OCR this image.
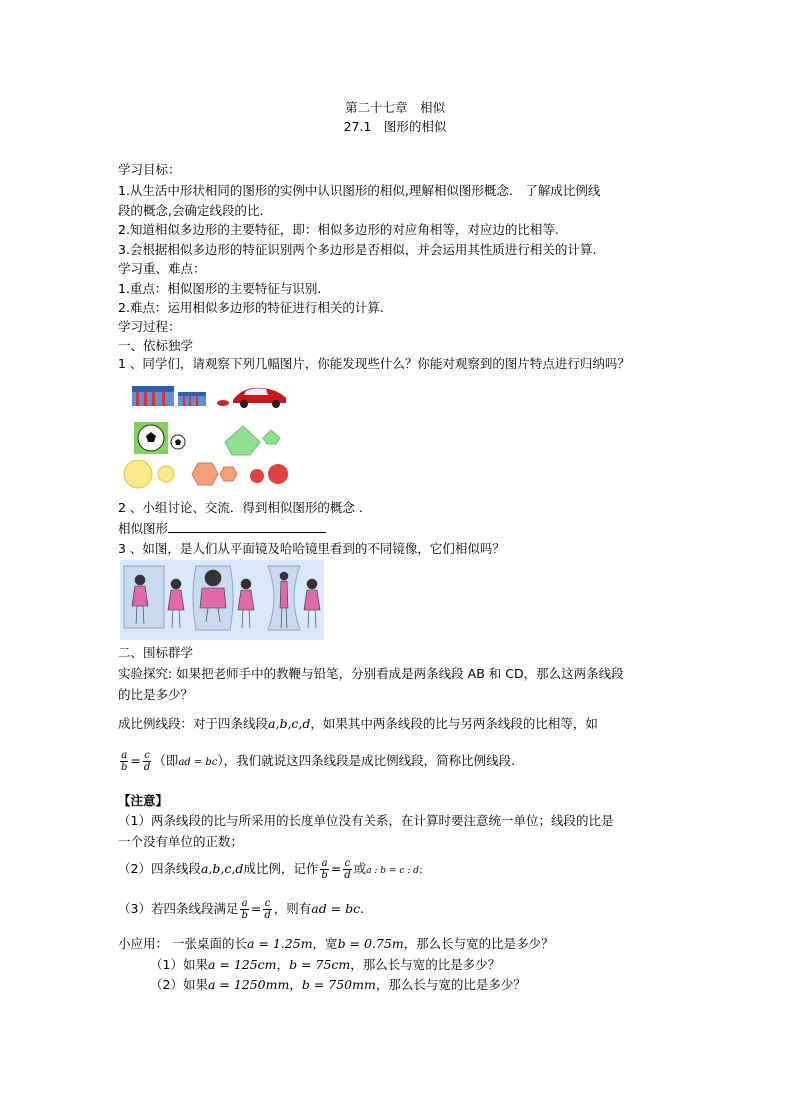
第二十七章　相似
27.1　图形的相似
学习目标：
1.从生活中形状相同的图形的实例中认识图形的相似,理解相似图形概念.　了解成比例线
段的概念,会确定线段的比.
2.知道相似多边形的主要特征，即：相似多边形的对应角相等，对应边的比相等.
3.会根据相似多边形的特征识别两个多边形是否相似，并会运用其性质进行相关的计算.
学习重、难点：
1.重点：相似图形的主要特征与识别.
2.难点：运用相似多边形的特征进行相关的计算.
学习过程：
一、依标独学
1 、同学们，请观察下列几幅图片，你能发现些什么？你能对观察到的图片特点进行归纳吗？
2 、小组讨论、交流．得到相似图形的概念 .
相似图形
3 、如图，是人们从平面镜及哈哈镜里看到的不同镜像，它们相似吗？
二、围标群学
实验探究: 如果把老师手中的教鞭与铅笔，分别看成是两条线段 AB 和 CD，那么这两条线段
的比是多少？
成比例线段：对于四条线段a,b,c,d，如果其中两条线段的比与另两条线段的比相等，如
$\frac{a}{b} = \frac{c}{d}$ （即ad = bc），我们就说这四条线段是成比例线段，简称比例线段.
【注意】
（1）两条线段的比与所采用的长度单位没有关系，在计算时要注意统一单位；线段的比是
一个没有单位的正数；
（2）四条线段a,b,c,d成比例，记作 $\frac{a}{b} = \frac{c}{d}$ 或a : b = c : d；
（3）若四条线段满足 $\frac{a}{b} = \frac{c}{d}$ ，则有ad = bc.
小应用： 一张桌面的长a = 1.25m，宽b = 0.75m，那么长与宽的比是多少？
（1）如果a = 125cm，b = 75cm，那么长与宽的比是多少？
（2）如果a = 1250mm，b = 750mm，那么长与宽的比是多少？
